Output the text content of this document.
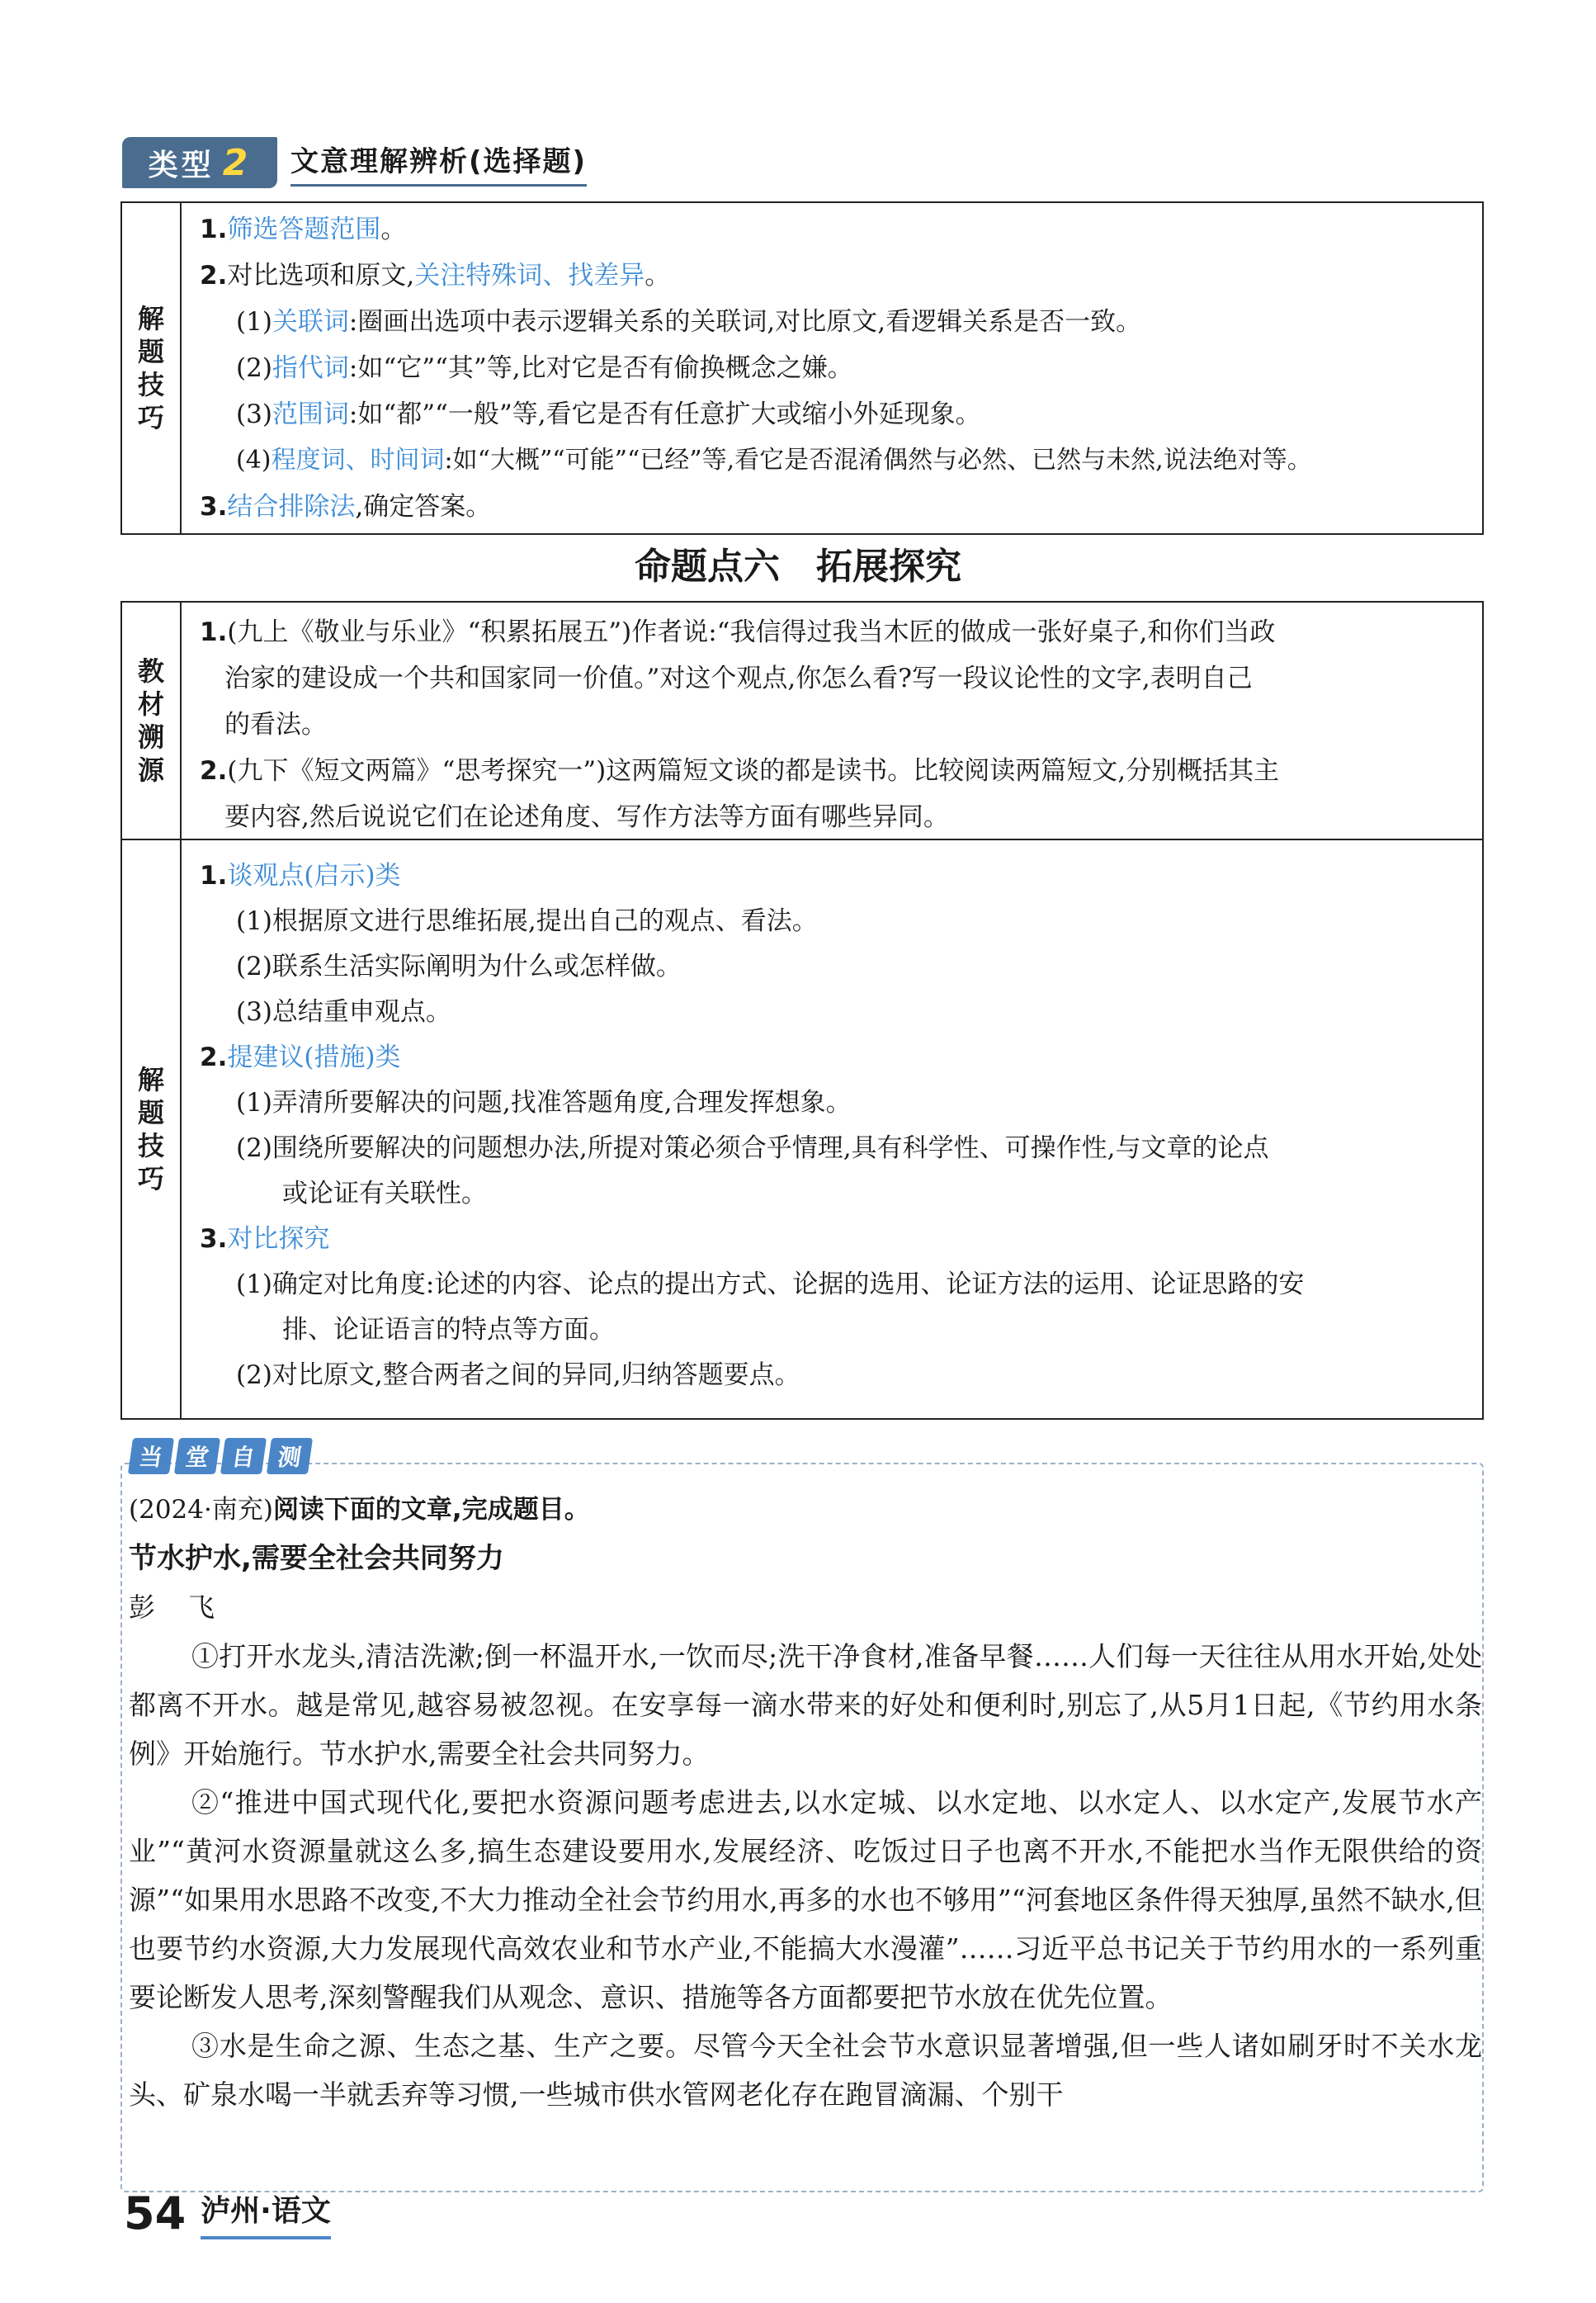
类型 2 文意理解辨析(选择题)
解题技巧
1.筛选答题范围。
2.对比选项和原文,关注特殊词、找差异。
(1)关联词:圈画出选项中表示逻辑关系的关联词,对比原文,看逻辑关系是否一致。
(2)指代词:如“它”“其”等,比对它是否有偷换概念之嫌。
(3)范围词:如“都”“一般”等,看它是否有任意扩大或缩小外延现象。
(4)程度词、时间词:如“大概”“可能”“已经”等,看它是否混淆偶然与必然、已然与未然,说法绝对等。
3.结合排除法,确定答案。
命题点六　拓展探究
教材溯源
1.(九上《敬业与乐业》“积累拓展五”)作者说:“我信得过我当木匠的做成一张好桌子,和你们当政
治家的建设成一个共和国家同一价值。”对这个观点,你怎么看?写一段议论性的文字,表明自己
的看法。
2.(九下《短文两篇》“思考探究一”)这两篇短文谈的都是读书。比较阅读两篇短文,分别概括其主
要内容,然后说说它们在论述角度、写作方法等方面有哪些异同。
解题技巧
1.谈观点(启示)类
(1)根据原文进行思维拓展,提出自己的观点、看法。
(2)联系生活实际阐明为什么或怎样做。
(3)总结重申观点。
2.提建议(措施)类
(1)弄清所要解决的问题,找准答题角度,合理发挥想象。
(2)围绕所要解决的问题想办法,所提对策必须合乎情理,具有科学性、可操作性,与文章的论点
或论证有关联性。
3.对比探究
(1)确定对比角度:论述的内容、论点的提出方式、论据的选用、论证方法的运用、论证思路的安
排、论证语言的特点等方面。
(2)对比原文,整合两者之间的异同,归纳答题要点。
当 堂 自 测

(2024·南充)阅读下面的文章,完成题目。

节水护水,需要全社会共同努力

彭飞

①打开水龙头,清洁洗漱;倒一杯温开水,一饮而尽;洗干净食材,准备早餐……人们每一天往往从用水开始,处处都离不开水。越是常见,越容易被忽视。在安享每一滴水带来的好处和便利时,别忘了,从5月1日起,《节约用水条例》开始施行。节水护水,需要全社会共同努力。

②“推进中国式现代化,要把水资源问题考虑进去,以水定城、以水定地、以水定人、以水定产,发展节水产业”“黄河水资源量就这么多,搞生态建设要用水,发展经济、吃饭过日子也离不开水,不能把水当作无限供给的资源”“如果用水思路不改变,不大力推动全社会节约用水,再多的水也不够用”“河套地区条件得天独厚,虽然不缺水,但也要节约水资源,大力发展现代高效农业和节水产业,不能搞大水漫灌”……习近平总书记关于节约用水的一系列重要论断发人思考,深刻警醒我们从观念、意识、措施等各方面都要把节水放在优先位置。

③水是生命之源、生态之基、生产之要。尽管今天全社会节水意识显著增强,但一些人诸如刷牙时不关水龙头、矿泉水喝一半就丢弃等习惯,一些城市供水管网老化存在跑冒滴漏、个别干

54 泸州·语文
